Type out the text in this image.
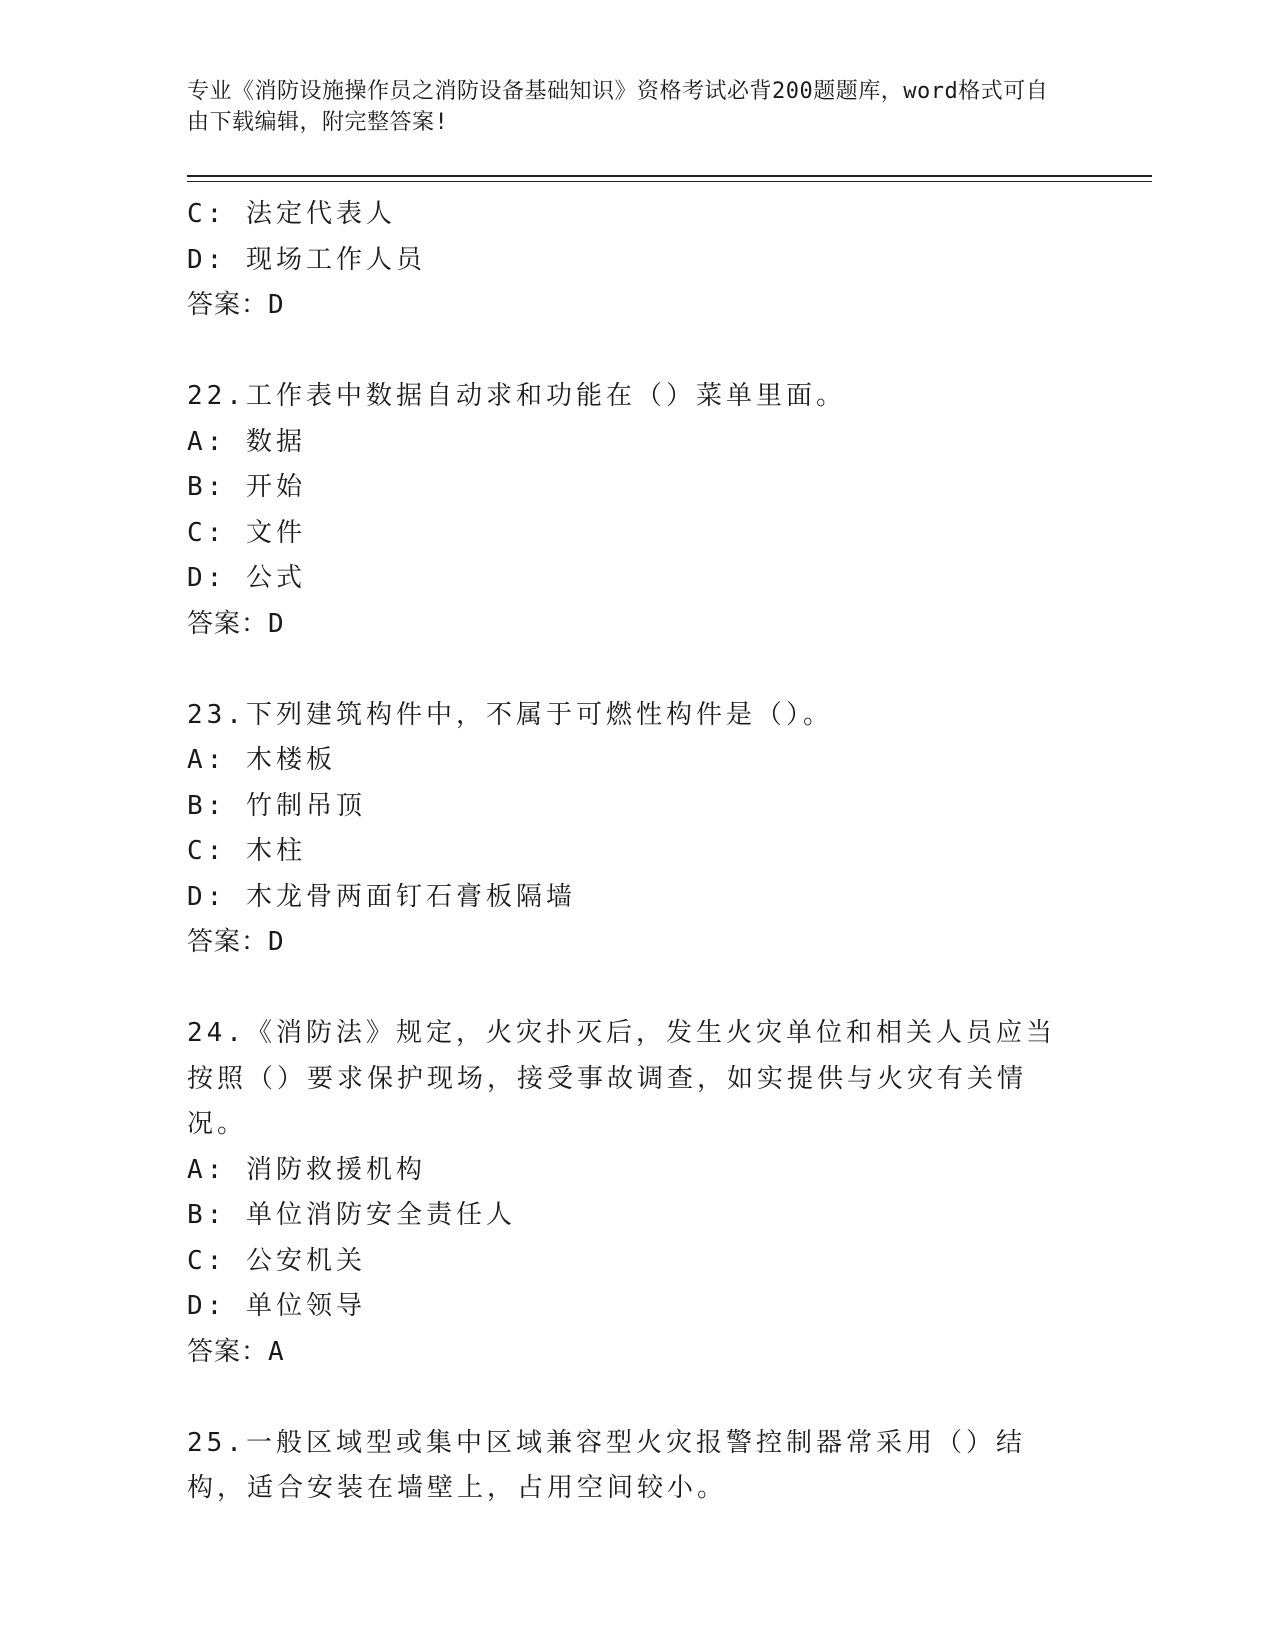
专业《消防设施操作员之消防设备基础知识》资格考试必背200题题库，word格式可自由下载编辑，附完整答案!
C: 法定代表人
D: 现场工作人员
答案：D
22.工作表中数据自动求和功能在（）菜单里面。
A: 数据
B: 开始
C: 文件
D: 公式
答案：D
23.下列建筑构件中，不属于可燃性构件是（）。
A: 木楼板
B: 竹制吊顶
C: 木柱
D: 木龙骨两面钉石膏板隔墙
答案：D
24.《消防法》规定，火灾扑灭后，发生火灾单位和相关人员应当按照（）要求保护现场，接受事故调查，如实提供与火灾有关情况。
A: 消防救援机构
B: 单位消防安全责任人
C: 公安机关
D: 单位领导
答案：A
25.一般区域型或集中区域兼容型火灾报警控制器常采用（）结构，适合安装在墙壁上，占用空间较小。
